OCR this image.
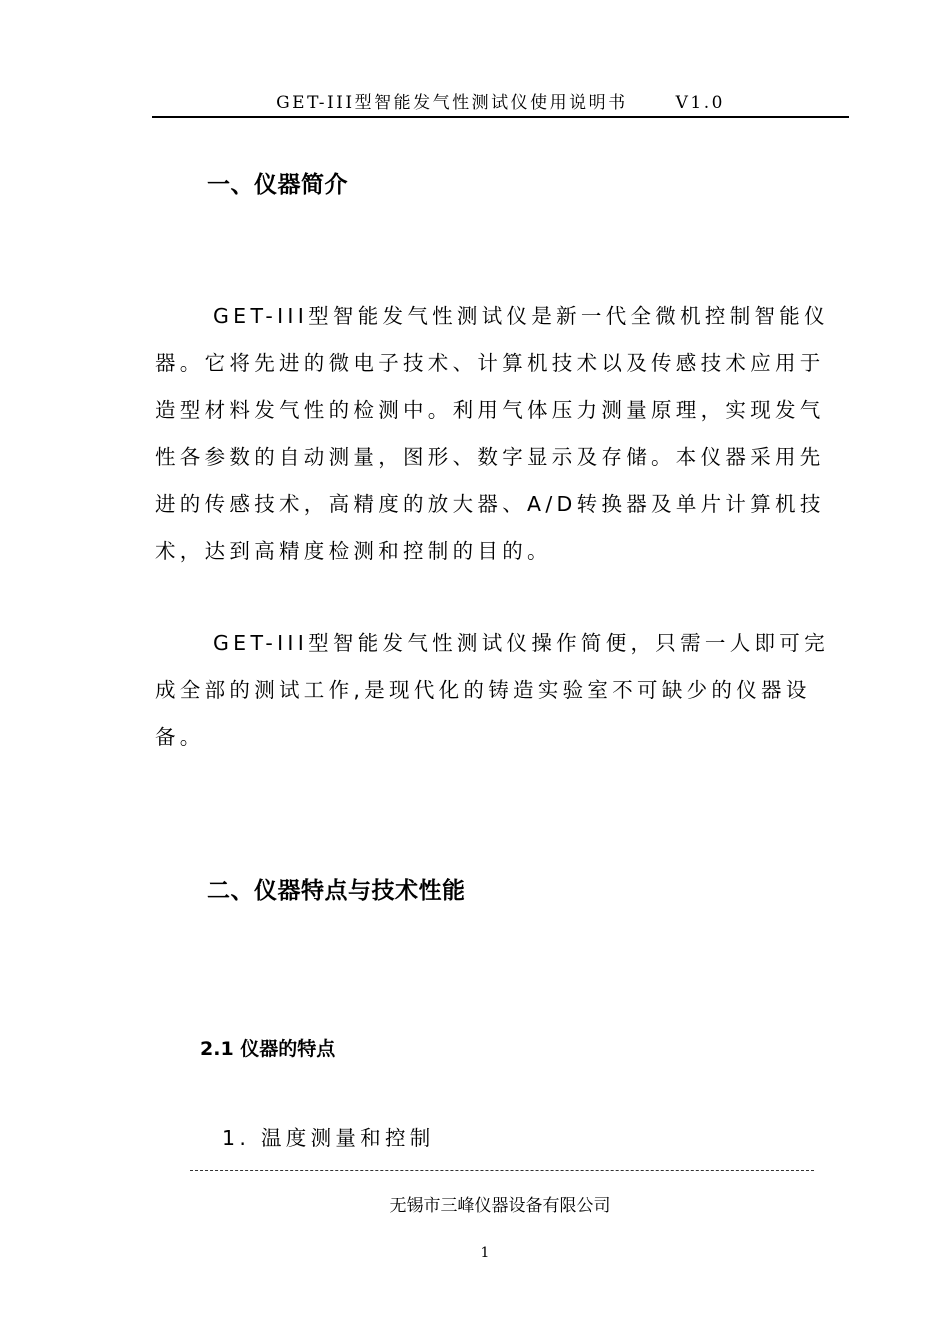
GET-III型智能发气性测试仪使用说明书	V1.0
一、仪器简介

GET-III型智能发气性测试仪是新一代全微机控制智能仪器。它将先进的微电子技术、计算机技术以及传感技术应用于造型材料发气性的检测中。利用气体压力测量原理，实现发气性各参数的自动测量，图形、数字显示及存储。本仪器采用先进的传感技术，高精度的放大器、A/D转换器及单片计算机技术，达到高精度检测和控制的目的。

GET-III型智能发气性测试仪操作简便，只需一人即可完成全部的测试工作,是现代化的铸造实验室不可缺少的仪器设备。

二、仪器特点与技术性能
2.1 仪器的特点
1. 温度测量和控制
无锡市三峰仪器设备有限公司
1
